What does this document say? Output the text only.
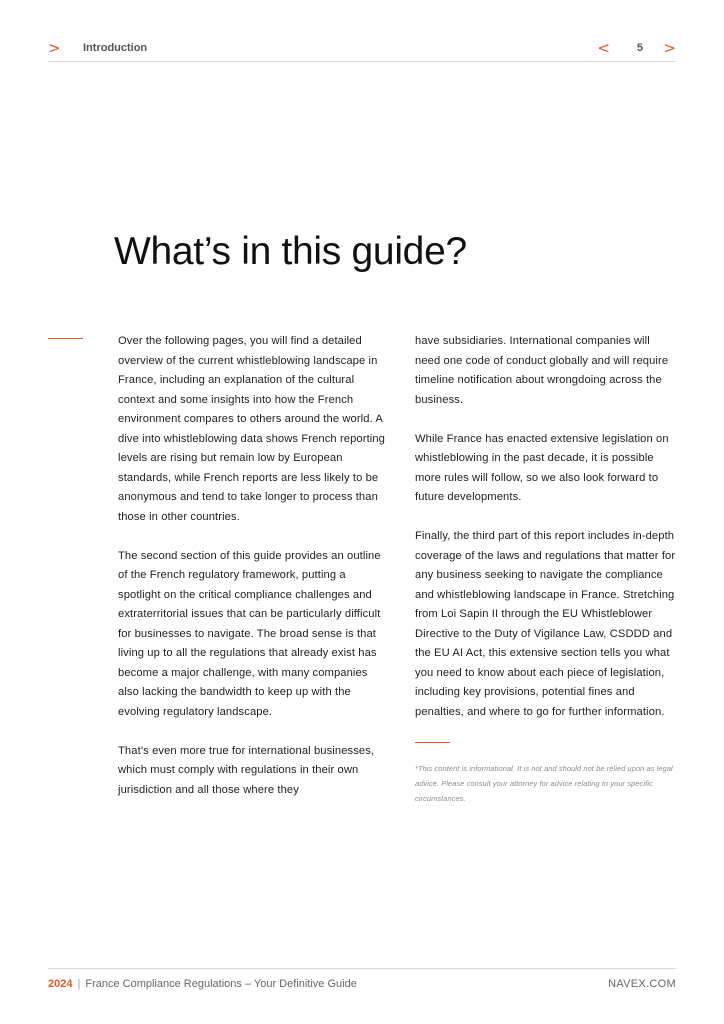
> Introduction	< 5 >
What’s in this guide?

Over the following pages, you will find a detailed overview of the current whistleblowing landscape in France, including an explanation of the cultural context and some insights into how the French environment compares to others around the world. A dive into whistleblowing data shows French reporting levels are rising but remain low by European standards, while French reports are less likely to be anonymous and tend to take longer to process than those in other countries.

The second section of this guide provides an outline of the French regulatory framework, putting a spotlight on the critical compliance challenges and extraterritorial issues that can be particularly difficult for businesses to navigate. The broad sense is that living up to all the regulations that already exist has become a major challenge, with many companies also lacking the bandwidth to keep up with the evolving regulatory landscape.

That’s even more true for international businesses, which must comply with regulations in their own jurisdiction and all those where they

have subsidiaries. International companies will need one code of conduct globally and will require timeline notification about wrongdoing across the business.

While France has enacted extensive legislation on whistleblowing in the past decade, it is possible more rules will follow, so we also look forward to future developments.

Finally, the third part of this report includes in-depth coverage of the laws and regulations that matter for any business seeking to navigate the compliance and whistleblowing landscape in France. Stretching from Loi Sapin II through the EU Whistleblower Directive to the Duty of Vigilance Law, CSDDD and the EU AI Act, this extensive section tells you what you need to know about each piece of legislation, including key provisions, potential fines and penalties, and where to go for further information.

*This content is informational. It is not and should not be relied upon as legal advice. Please consult your attorney for advice relating to your specific circumstances.

2024 | France Compliance Regulations – Your Definitive Guide	NAVEX.COM
